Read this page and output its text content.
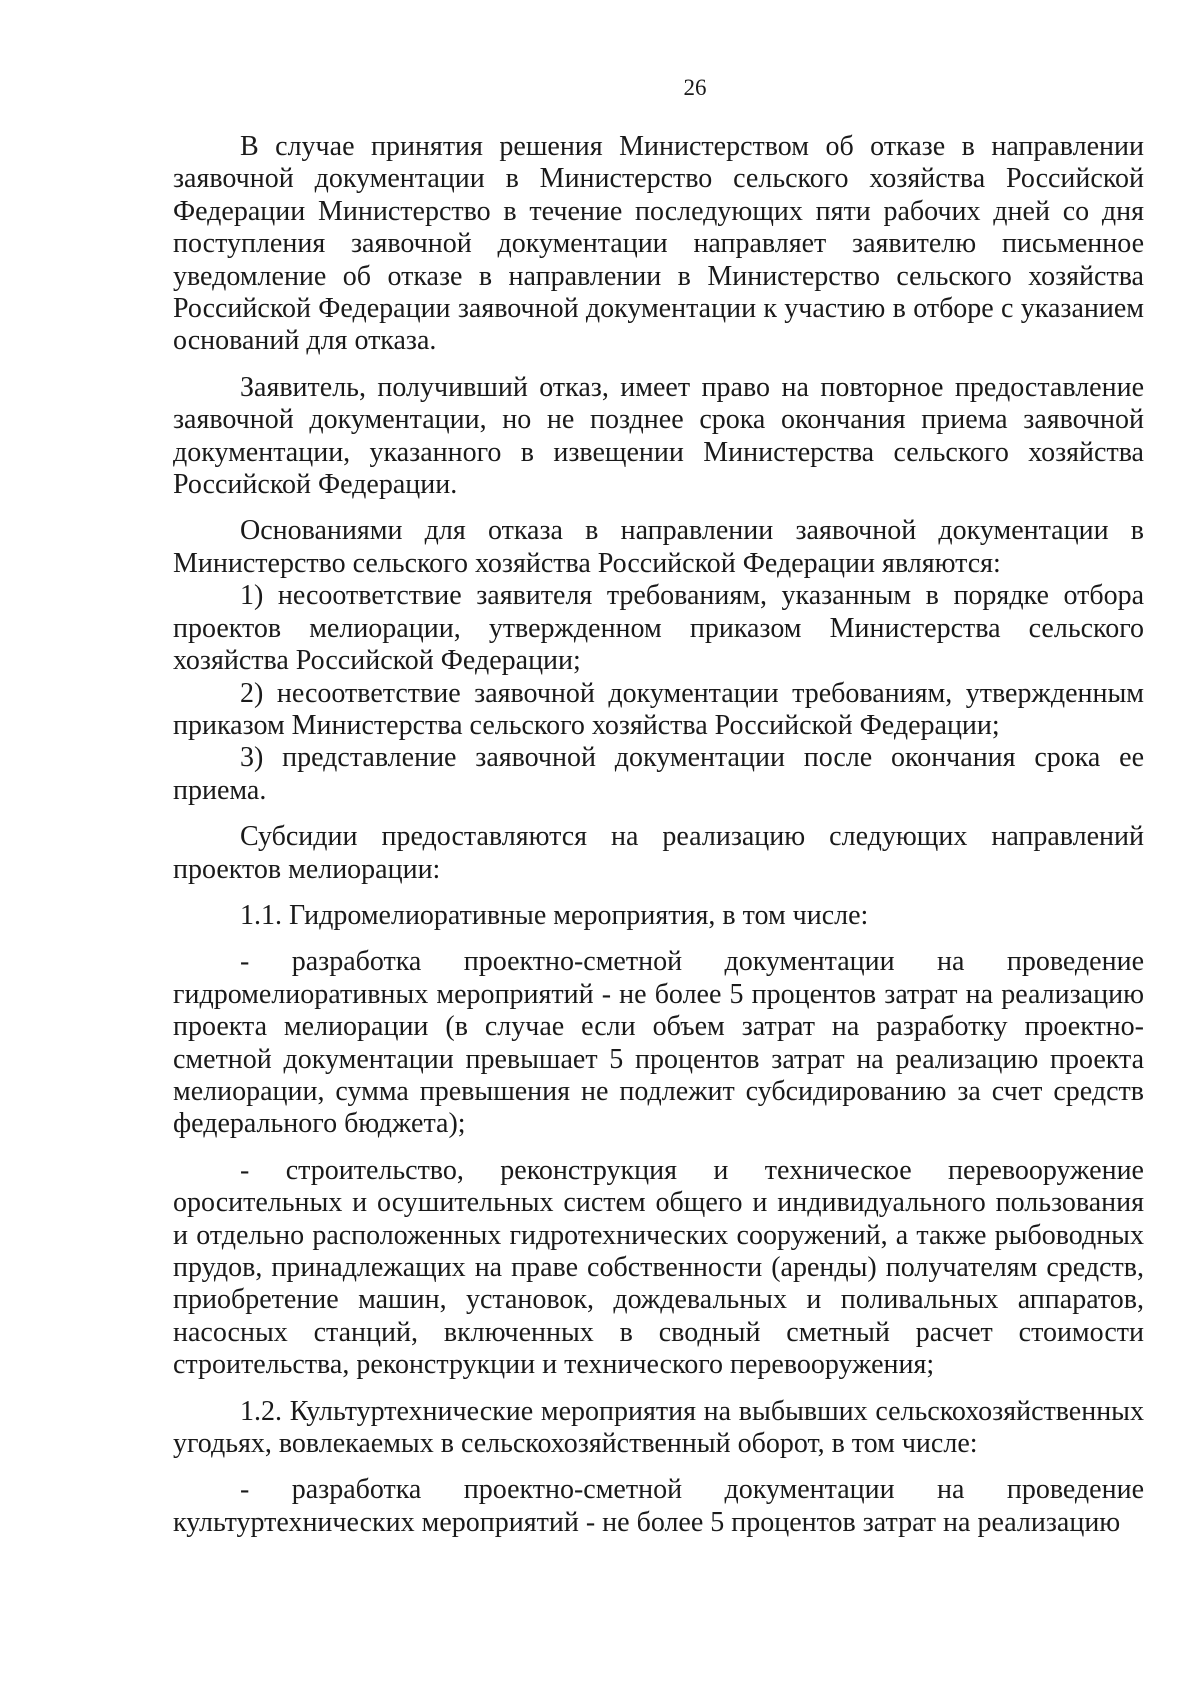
26

В случае принятия решения Министерством об отказе в направлении заявочной документации в Министерство сельского хозяйства Российской Федерации Министерство в течение последующих пяти рабочих дней со дня поступления заявочной документации направляет заявителю письменное уведомление об отказе в направлении в Министерство сельского хозяйства Российской Федерации заявочной документации к участию в отборе с указанием оснований для отказа.

Заявитель, получивший отказ, имеет право на повторное предоставление заявочной документации, но не позднее срока окончания приема заявочной документации, указанного в извещении Министерства сельского хозяйства Российской Федерации.

Основаниями для отказа в направлении заявочной документации в Министерство сельского хозяйства Российской Федерации являются:

1) несоответствие заявителя требованиям, указанным в порядке отбора проектов мелиорации, утвержденном приказом Министерства сельского хозяйства Российской Федерации;

2) несоответствие заявочной документации требованиям, утвержденным приказом Министерства сельского хозяйства Российской Федерации;

3) представление заявочной документации после окончания срока ее приема.

Субсидии предоставляются на реализацию следующих направлений проектов мелиорации:

1.1. Гидромелиоративные мероприятия, в том числе:

- разработка проектно-сметной документации на проведение гидромелиоративных мероприятий - не более 5 процентов затрат на реализацию проекта мелиорации (в случае если объем затрат на разработку проектно-сметной документации превышает 5 процентов затрат на реализацию проекта мелиорации, сумма превышения не подлежит субсидированию за счет средств федерального бюджета);

- строительство, реконструкция и техническое перевооружение оросительных и осушительных систем общего и индивидуального пользования и отдельно расположенных гидротехнических сооружений, а также рыбоводных прудов, принадлежащих на праве собственности (аренды) получателям средств, приобретение машин, установок, дождевальных и поливальных аппаратов, насосных станций, включенных в сводный сметный расчет стоимости строительства, реконструкции и технического перевооружения;

1.2. Культуртехнические мероприятия на выбывших сельскохозяйственных угодьях, вовлекаемых в сельскохозяйственный оборот, в том числе:

- разработка проектно-сметной документации на проведение культуртехнических мероприятий - не более 5 процентов затрат на реализацию
